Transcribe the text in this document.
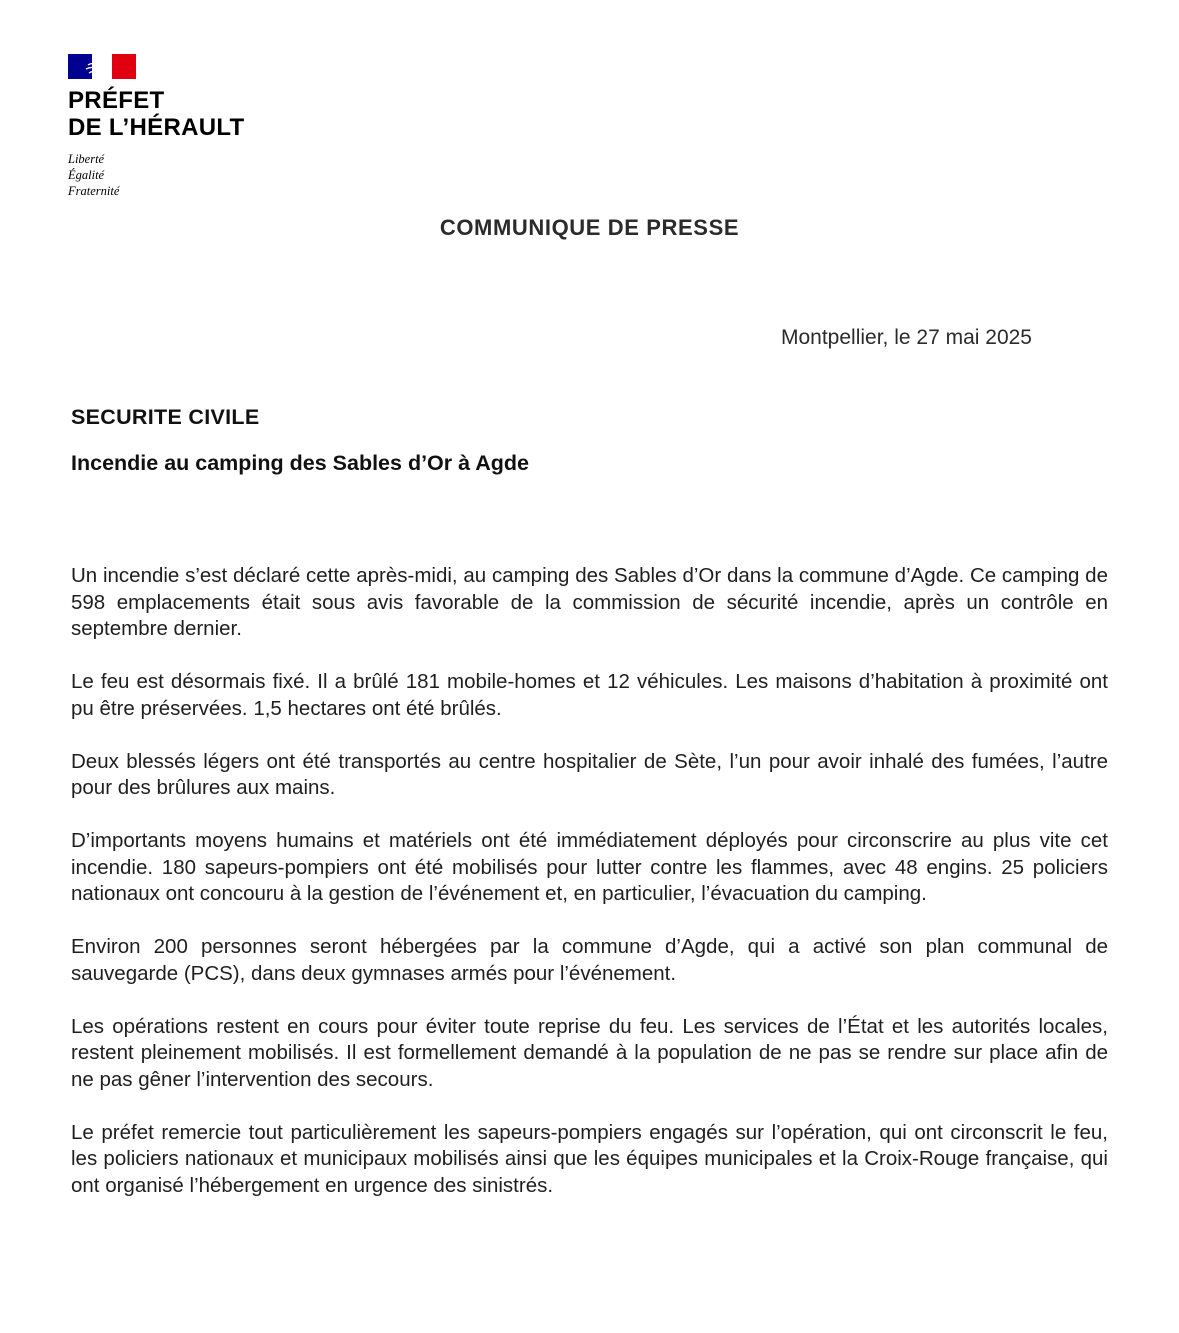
PRÉFET
DE L’HÉRAULT
Liberté
Égalité
Fraternité
COMMUNIQUE DE PRESSE
Montpellier, le 27 mai 2025
SECURITE CIVILE
Incendie au camping des Sables d’Or à Agde

Un incendie s’est déclaré cette après-midi, au camping des Sables d’Or dans la commune d’Agde. Ce camping de 598 emplacements était sous avis favorable de la commission de sécurité incendie, après un contrôle en septembre dernier.

Le feu est désormais fixé. Il a brûlé 181 mobile-homes et 12 véhicules. Les maisons d’habitation à proximité ont pu être préservées. 1,5 hectares ont été brûlés.

Deux blessés légers ont été transportés au centre hospitalier de Sète, l’un pour avoir inhalé des fumées, l’autre pour des brûlures aux mains.

D’importants moyens humains et matériels ont été immédiatement déployés pour circonscrire au plus vite cet incendie. 180 sapeurs-pompiers ont été mobilisés pour lutter contre les flammes, avec 48 engins. 25 policiers nationaux ont concouru à la gestion de l’événement et, en particulier, l’évacuation du camping.

Environ 200 personnes seront hébergées par la commune d’Agde, qui a activé son plan communal de sauvegarde (PCS), dans deux gymnases armés pour l’événement.

Les opérations restent en cours pour éviter toute reprise du feu. Les services de l’État et les autorités locales, restent pleinement mobilisés. Il est formellement demandé à la population de ne pas se rendre sur place afin de ne pas gêner l’intervention des secours.

Le préfet remercie tout particulièrement les sapeurs-pompiers engagés sur l’opération, qui ont circonscrit le feu, les policiers nationaux et municipaux mobilisés ainsi que les équipes municipales et la Croix-Rouge française, qui ont organisé l’hébergement en urgence des sinistrés.
